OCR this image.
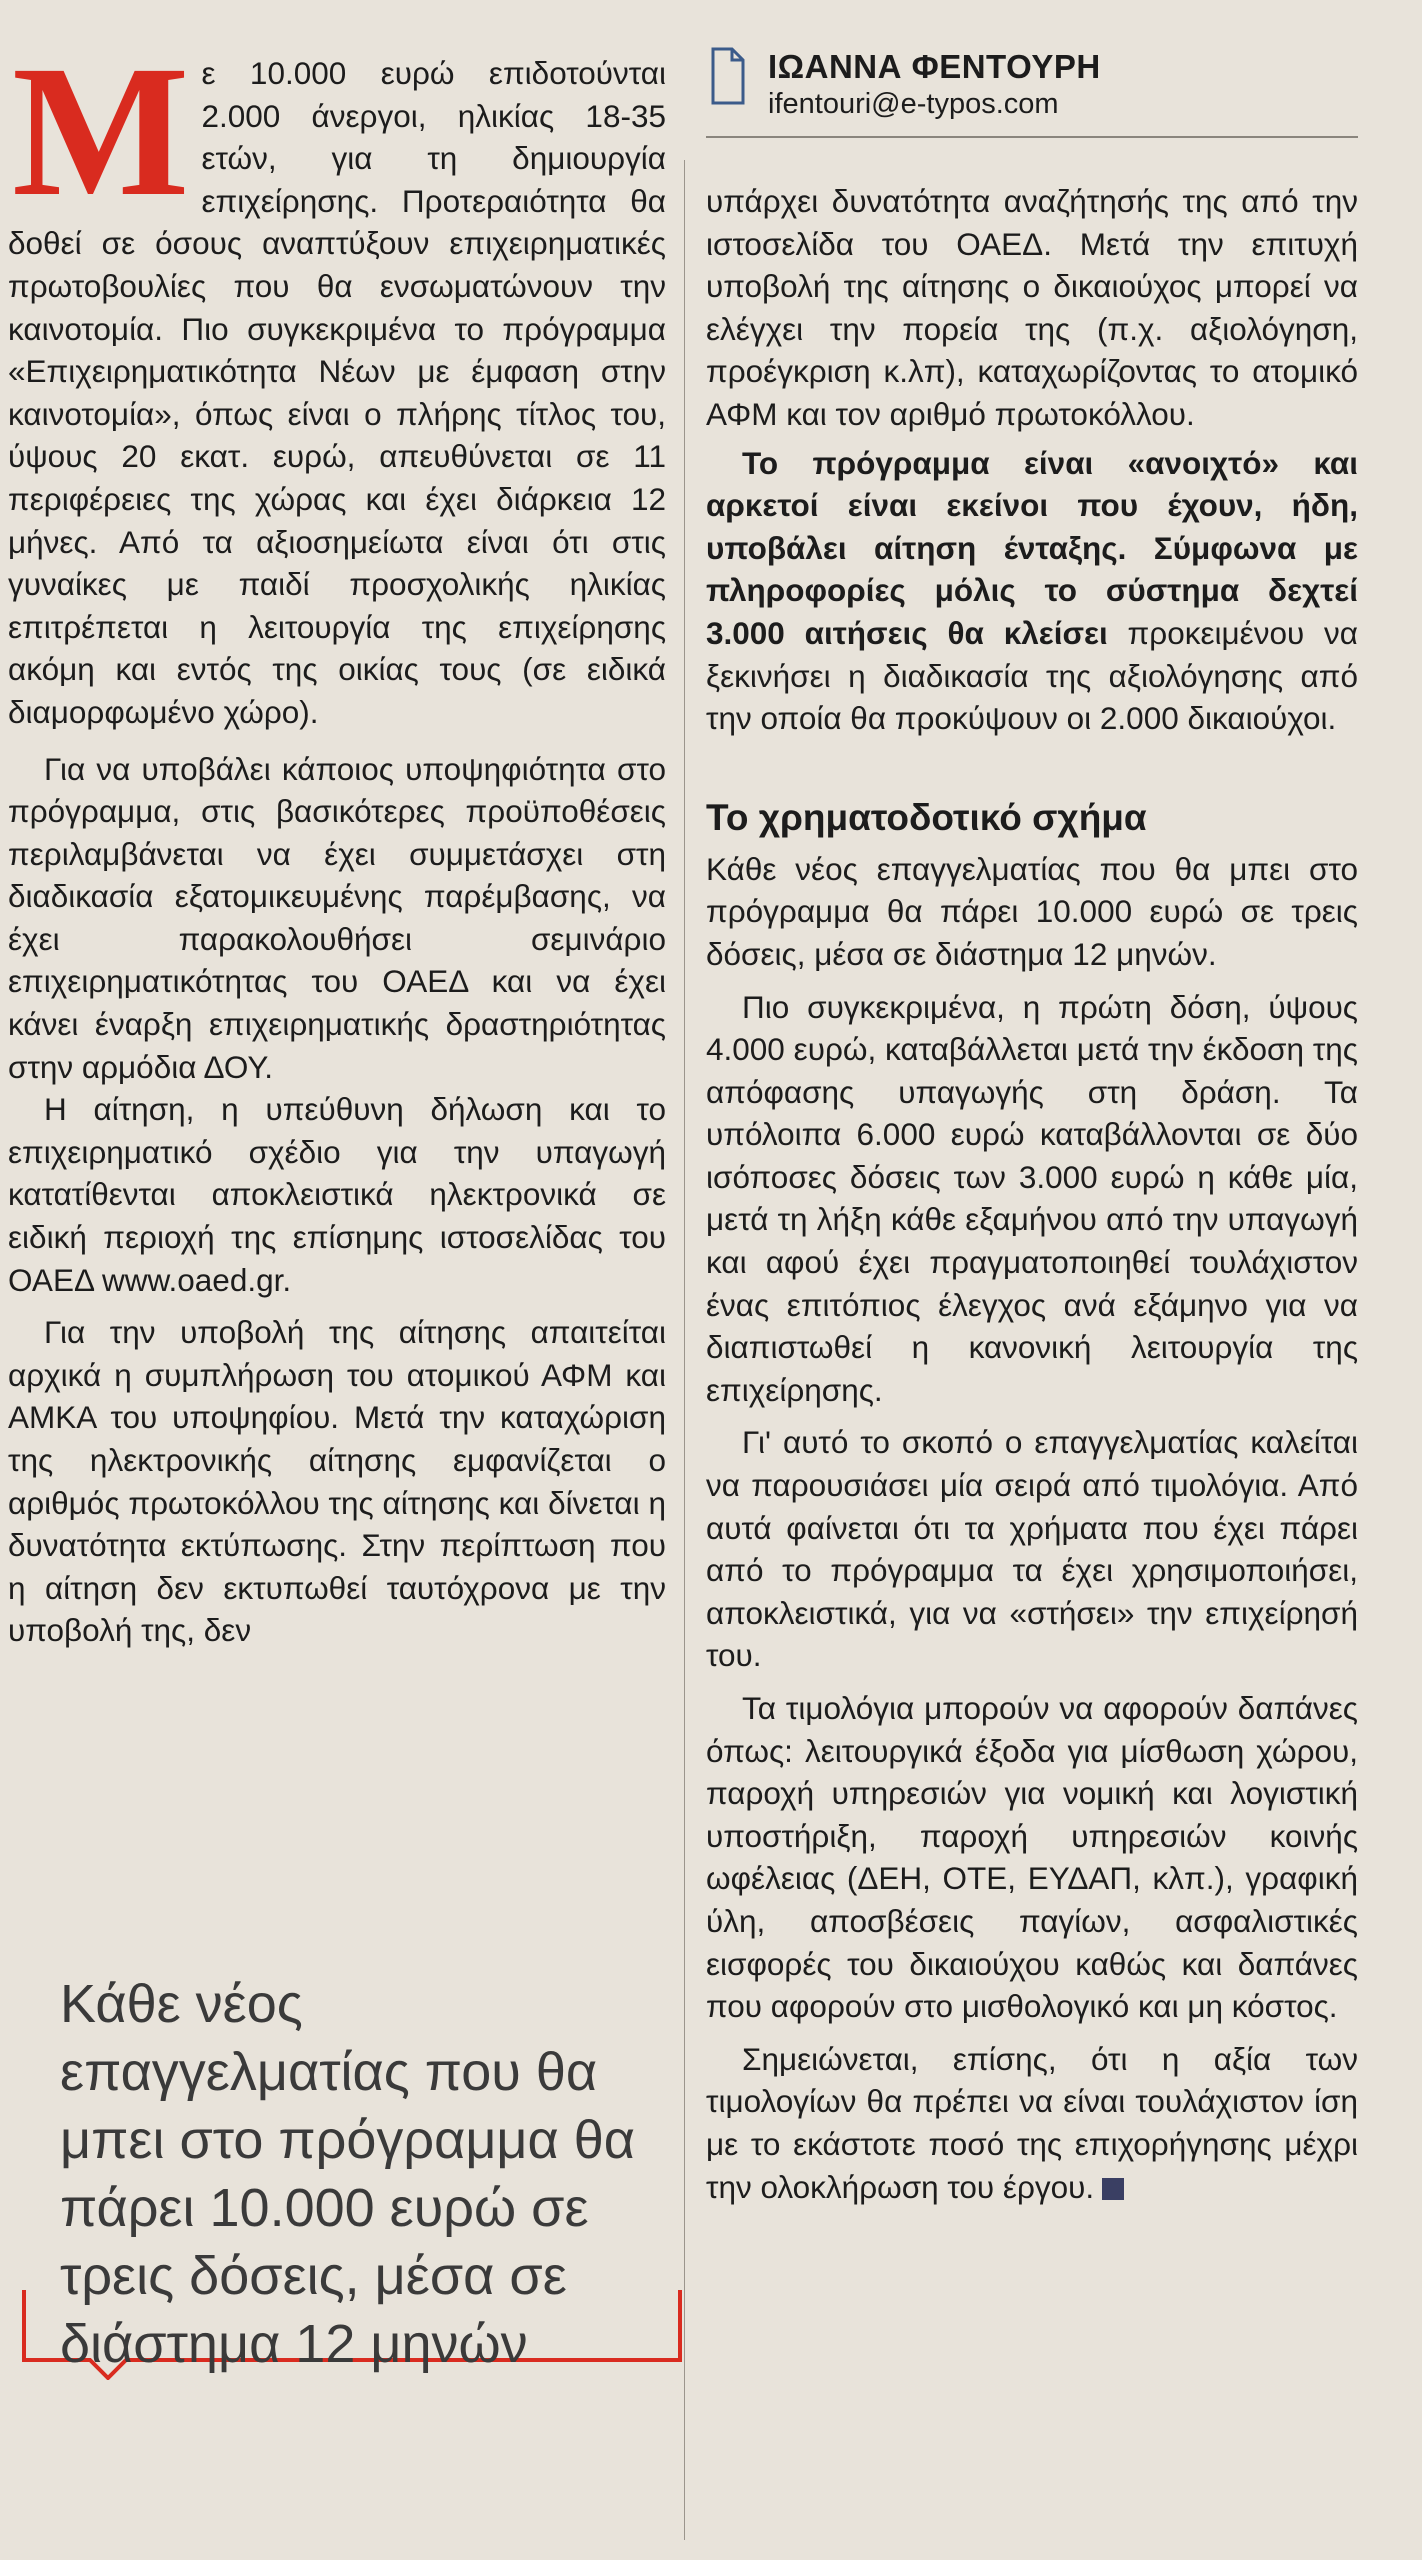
ΙΩΑΝΝΑ ΦΕΝΤΟΥΡΗ
ifentouri@e-typos.com
Μ ε 10.000 ευρώ επιδοτούνται 2.000 άνεργοι, ηλικίας 18-35 ετών, για τη δημιουργία επιχείρησης. Προτεραιότητα θα δοθεί σε όσους αναπτύξουν επιχειρηματικές πρωτοβουλίες που θα ενσωματώνουν την καινοτομία. Πιο συγκεκριμένα το πρόγραμμα «Επιχειρηματικότητα Νέων με έμφαση στην καινοτομία», όπως είναι ο πλήρης τίτλος του, ύψους 20 εκατ. ευρώ, απευθύνεται σε 11 περιφέρειες της χώρας και έχει διάρκεια 12 μήνες. Από τα αξιοσημείωτα είναι ότι στις γυναίκες με παιδί προσχολικής ηλικίας επιτρέπεται η λειτουργία της επιχείρησης ακόμη και εντός της οικίας τους (σε ειδικά διαμορφωμένο χώρο).

Για να υποβάλει κάποιος υποψηφιότητα στο πρόγραμμα, στις βασικότερες προϋποθέσεις περιλαμβάνεται να έχει συμμετάσχει στη διαδικασία εξατομικευμένης παρέμβασης, να έχει παρακολουθήσει σεμινάριο επιχειρηματικότητας του ΟΑΕΔ και να έχει κάνει έναρξη επιχειρηματικής δραστηριότητας στην αρμόδια ΔΟΥ.

Η αίτηση, η υπεύθυνη δήλωση και το επιχειρηματικό σχέδιο για την υπαγωγή κατατίθενται αποκλειστικά ηλεκτρονικά σε ειδική περιοχή της επίσημης ιστοσελίδας του ΟΑΕΔ www.oaed.gr.

Για την υποβολή της αίτησης απαιτείται αρχικά η συμπλήρωση του ατομικού ΑΦΜ και ΑΜΚΑ του υποψηφίου. Μετά την καταχώριση της ηλεκτρονικής αίτησης εμφανίζεται ο αριθμός πρωτοκόλλου της αίτησης και δίνεται η δυνατότητα εκτύπωσης. Στην περίπτωση που η αίτηση δεν εκτυπωθεί ταυτόχρονα με την υποβολή της, δεν

Κάθε νέος επαγγελματίας που θα μπει στο πρόγραμμα θα πάρει 10.000 ευρώ σε τρεις δόσεις, μέσα σε διάστημα 12 μηνών

υπάρχει δυνατότητα αναζήτησής της από την ιστοσελίδα του ΟΑΕΔ. Μετά την επιτυχή υποβολή της αίτησης ο δικαιούχος μπορεί να ελέγχει την πορεία της (π.χ. αξιολόγηση, προέγκριση κ.λπ), καταχωρίζοντας το ατομικό ΑΦΜ και τον αριθμό πρωτοκόλλου.

Το πρόγραμμα είναι «ανοιχτό» και αρκετοί είναι εκείνοι που έχουν, ήδη, υποβάλει αίτηση ένταξης. Σύμφωνα με πληροφορίες μόλις το σύστημα δεχτεί 3.000 αιτήσεις θα κλείσει προκειμένου να ξεκινήσει η διαδικασία της αξιολόγησης από την οποία θα προκύψουν οι 2.000 δικαιούχοι.

Το χρηματοδοτικό σχήμα

Κάθε νέος επαγγελματίας που θα μπει στο πρόγραμμα θα πάρει 10.000 ευρώ σε τρεις δόσεις, μέσα σε διάστημα 12 μηνών.

Πιο συγκεκριμένα, η πρώτη δόση, ύψους 4.000 ευρώ, καταβάλλεται μετά την έκδοση της απόφασης υπαγωγής στη δράση. Τα υπόλοιπα 6.000 ευρώ καταβάλλονται σε δύο ισόποσες δόσεις των 3.000 ευρώ η κάθε μία, μετά τη λήξη κάθε εξαμήνου από την υπαγωγή και αφού έχει πραγματοποιηθεί τουλάχιστον ένας επιτόπιος έλεγχος ανά εξάμηνο για να διαπιστωθεί η κανονική λειτουργία της επιχείρησης.

Γι' αυτό το σκοπό ο επαγγελματίας καλείται να παρουσιάσει μία σειρά από τιμολόγια. Από αυτά φαίνεται ότι τα χρήματα που έχει πάρει από το πρόγραμμα τα έχει χρησιμοποιήσει, αποκλειστικά, για να «στήσει» την επιχείρησή του.

Τα τιμολόγια μπορούν να αφορούν δαπάνες όπως: λειτουργικά έξοδα για μίσθωση χώρου, παροχή υπηρεσιών για νομική και λογιστική υποστήριξη, παροχή υπηρεσιών κοινής ωφέλειας (ΔΕΗ, ΟΤΕ, ΕΥΔΑΠ, κλπ.), γραφική ύλη, αποσβέσεις παγίων, ασφαλιστικές εισφορές του δικαιούχου καθώς και δαπάνες που αφορούν στο μισθολογικό και μη κόστος.

Σημειώνεται, επίσης, ότι η αξία των τιμολογίων θα πρέπει να είναι τουλάχιστον ίση με το εκάστοτε ποσό της επιχορήγησης μέχρι την ολοκλήρωση του έργου.
